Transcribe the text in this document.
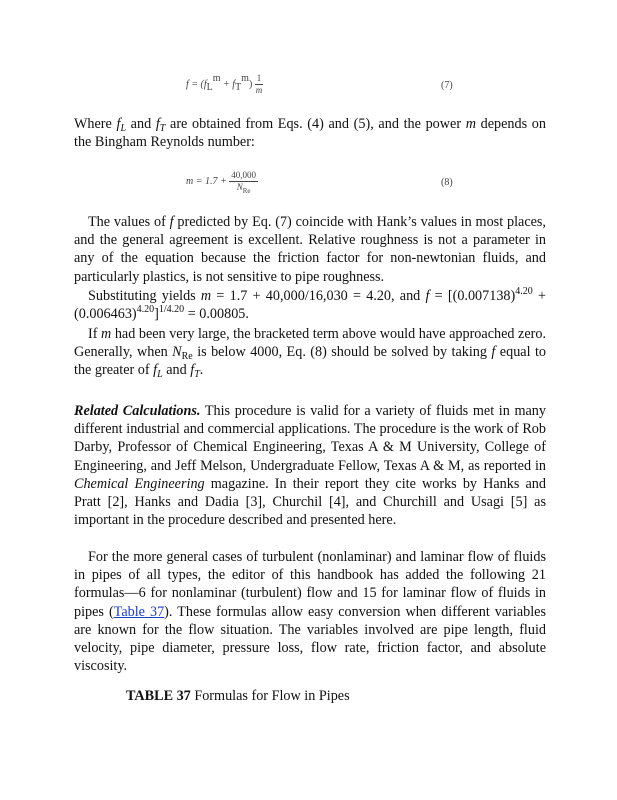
$f = (f_L^m + f_T^m) \frac{1}{m}$	(7)

Where $f_L$ and $f_T$ are obtained from Eqs. (4) and (5), and the power m depends on the Bingham Reynolds number:

$m = 1.7 + \frac{40,000}{N_{Re}}$	(8)

The values of f predicted by Eq. (7) coincide with Hank’s values in most places, and the general agreement is excellent. Relative roughness is not a parameter in any of the equation because the friction factor for non-newtonian fluids, and particularly plastics, is not sensitive to pipe roughness.

Substituting yields m = 1.7 + 40,000/16,030 = 4.20, and $f = [(0.007138)^{4.20} + (0.006463)^{4.20}]^{1/4.20} = 0.00805$.

If m had been very large, the bracketed term above would have approached zero. Generally, when $N_{Re}$ is below 4000, Eq. (8) should be solved by taking f equal to the greater of $f_L$ and $f_T$.

Related Calculations. This procedure is valid for a variety of fluids met in many different industrial and commercial applications. The procedure is the work of Rob Darby, Professor of Chemical Engineering, Texas A & M University, College of Engineering, and Jeff Melson, Undergraduate Fellow, Texas A & M, as reported in Chemical Engineering magazine. In their report they cite works by Hanks and Pratt [2], Hanks and Dadia [3], Churchil [4], and Churchill and Usagi [5] as important in the procedure described and presented here.

For the more general cases of turbulent (nonlaminar) and laminar flow of fluids in pipes of all types, the editor of this handbook has added the following 21 formulas—6 for nonlaminar (turbulent) flow and 15 for laminar flow of fluids in pipes (Table 37). These formulas allow easy conversion when different variables are known for the flow situation. The variables involved are pipe length, fluid velocity, pipe diameter, pressure loss, flow rate, friction factor, and absolute viscosity.

TABLE 37 Formulas for Flow in Pipes
